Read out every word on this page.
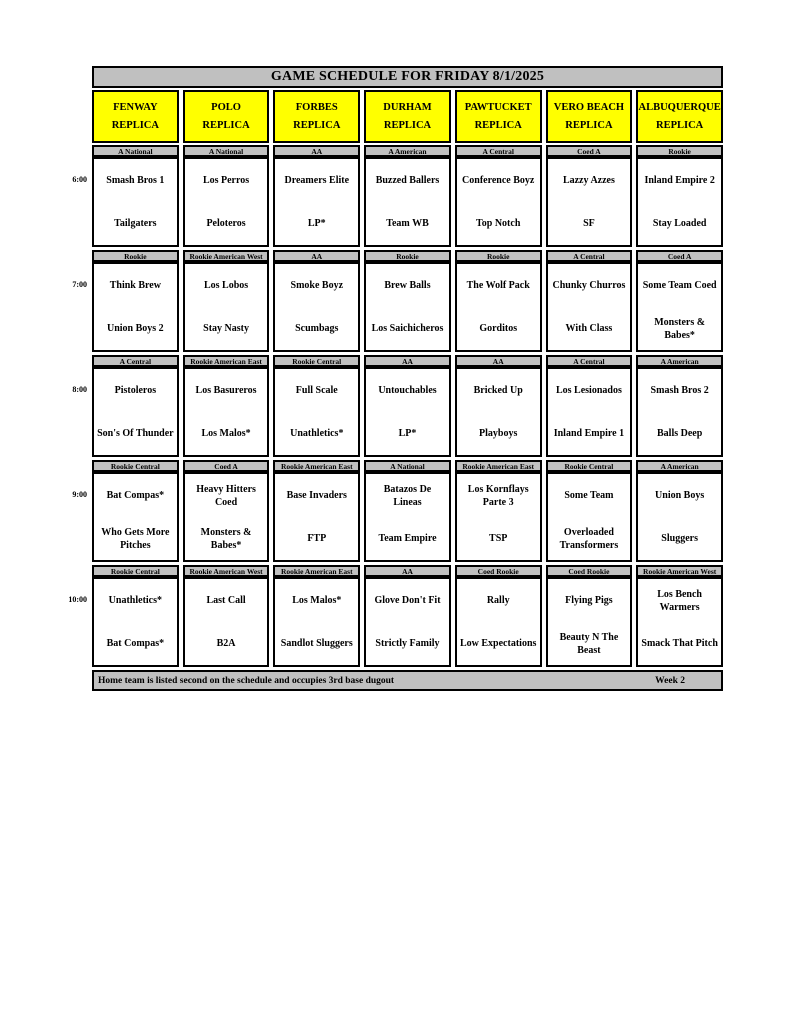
GAME SCHEDULE FOR FRIDAY 8/1/2025
FENWAY
REPLICA
POLO
REPLICA
FORBES
REPLICA
DURHAM
REPLICA
PAWTUCKET
REPLICA
VERO BEACH
REPLICA
ALBUQUERQUE
REPLICA
6:00
A National
Smash Bros 1
Tailgaters
A National
Los Perros
Peloteros
AA
Dreamers Elite
LP*
A American
Buzzed Ballers
Team WB
A Central
Conference Boyz
Top Notch
Coed A
Lazzy Azzes
SF
Rookie
Inland Empire 2
Stay Loaded
7:00
Rookie
Think Brew
Union Boys 2
Rookie American West
Los Lobos
Stay Nasty
AA
Smoke Boyz
Scumbags
Rookie
Brew Balls
Los Saichicheros
Rookie
The Wolf Pack
Gorditos
A Central
Chunky Churros
With Class
Coed A
Some Team Coed
Monsters & Babes*
8:00
A Central
Pistoleros
Son's Of Thunder
Rookie American East
Los Basureros
Los Malos*
Rookie Central
Full Scale
Unathletics*
AA
Untouchables
LP*
AA
Bricked Up
Playboys
A Central
Los Lesionados
Inland Empire 1
A American
Smash Bros 2
Balls Deep
9:00
Rookie Central
Bat Compas*
Who Gets More Pitches
Coed A
Heavy Hitters Coed
Monsters & Babes*
Rookie American East
Base Invaders
FTP
A National
Batazos De Lineas
Team Empire
Rookie American East
Los Kornflays Parte 3
TSP
Rookie Central
Some Team
Overloaded Transformers
A American
Union Boys
Sluggers
10:00
Rookie Central
Unathletics*
Bat Compas*
Rookie American West
Last Call
B2A
Rookie American East
Los Malos*
Sandlot Sluggers
AA
Glove Don't Fit
Strictly Family
Coed Rookie
Rally
Low Expectations
Coed Rookie
Flying Pigs
Beauty N The Beast
Rookie American West
Los Bench Warmers
Smack That Pitch
Home team is listed second on the schedule and occupies 3rd base dugout	Week 2
